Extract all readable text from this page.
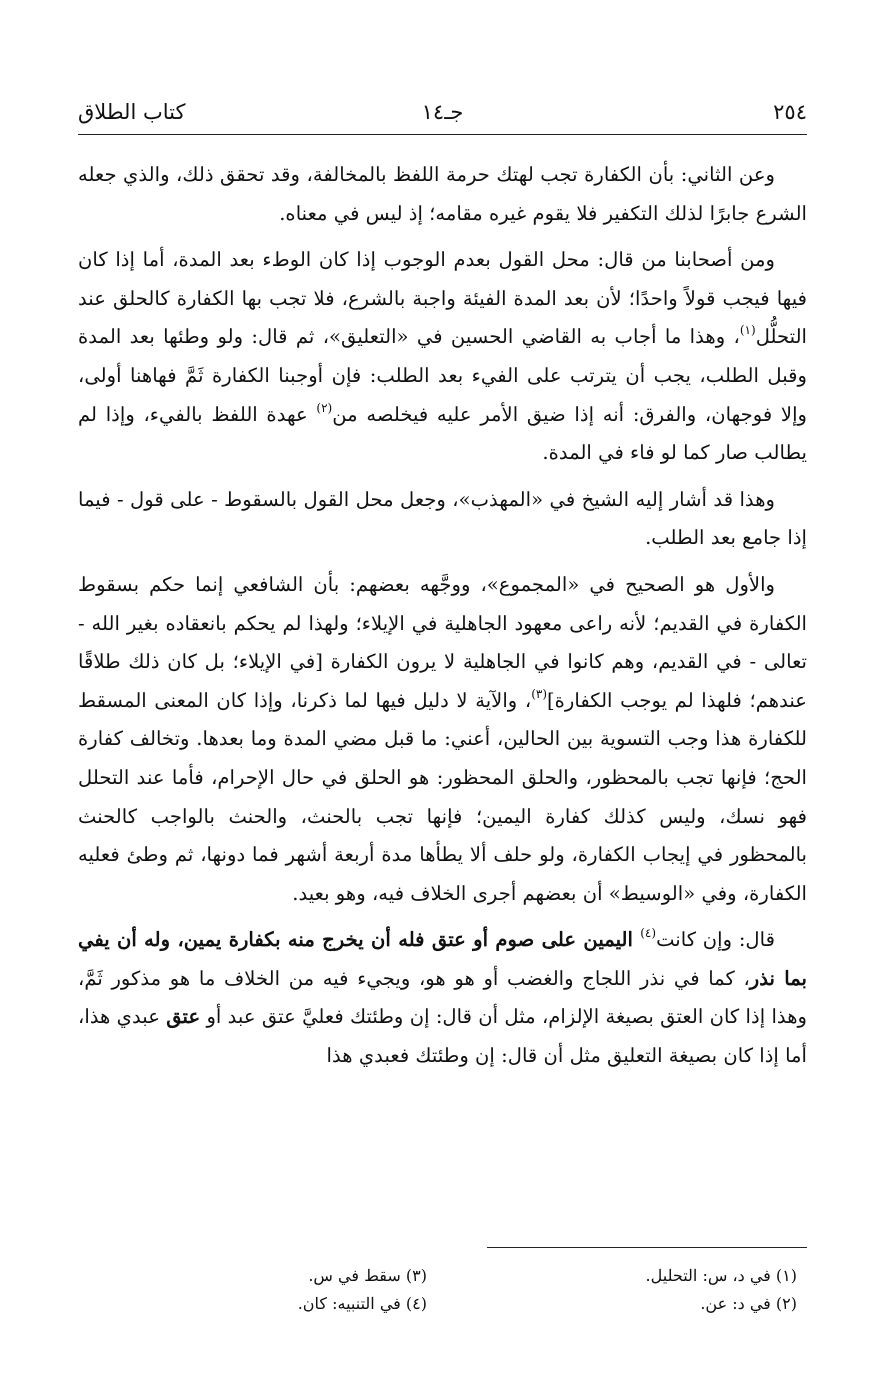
٢٥٤
جـ١٤
كتاب الطلاق

وعن الثاني: بأن الكفارة تجب لهتك حرمة اللفظ بالمخالفة، وقد تحقق ذلك، والذي جعله الشرع جابرًا لذلك التكفير فلا يقوم غيره مقامه؛ إذ ليس في معناه.

ومن أصحابنا من قال: محل القول بعدم الوجوب إذا كان الوطء بعد المدة، أما إذا كان فيها فيجب قولاً واحدًا؛ لأن بعد المدة الفيئة واجبة بالشرع، فلا تجب بها الكفارة كالحلق عند التحلُّل$^{(١)}$، وهذا ما أجاب به القاضي الحسين في «التعليق»، ثم قال: ولو وطئها بعد المدة وقبل الطلب، يجب أن يترتب على الفيء بعد الطلب: فإن أوجبنا الكفارة ثَمَّ فهاهنا أولى، وإلا فوجهان، والفرق: أنه إذا ضيق الأمر عليه فيخلصه من$^{(٢)}$ عهدة اللفظ بالفيء، وإذا لم يطالب صار كما لو فاء في المدة.

وهذا قد أشار إليه الشيخ في «المهذب»، وجعل محل القول بالسقوط - على قول - فيما إذا جامع بعد الطلب.

والأول هو الصحيح في «المجموع»، ووجَّهه بعضهم: بأن الشافعي إنما حكم بسقوط الكفارة في القديم؛ لأنه راعى معهود الجاهلية في الإيلاء؛ ولهذا لم يحكم بانعقاده بغير الله - تعالى - في القديم، وهم كانوا في الجاهلية لا يرون الكفارة [في الإيلاء؛ بل كان ذلك طلاقًا عندهم؛ فلهذا لم يوجب الكفارة]$^{(٣)}$، والآية لا دليل فيها لما ذكرنا، وإذا كان المعنى المسقط للكفارة هذا وجب التسوية بين الحالين، أعني: ما قبل مضي المدة وما بعدها. وتخالف كفارة الحج؛ فإنها تجب بالمحظور، والحلق المحظور: هو الحلق في حال الإحرام، فأما عند التحلل فهو نسك، وليس كذلك كفارة اليمين؛ فإنها تجب بالحنث، والحنث بالواجب كالحنث بالمحظور في إيجاب الكفارة، ولو حلف ألا يطأها مدة أربعة أشهر فما دونها، ثم وطئ فعليه الكفارة، وفي «الوسيط» أن بعضهم أجرى الخلاف فيه، وهو بعيد.

قال: وإن كانت$^{(٤)}$ اليمين على صوم أو عتق فله أن يخرج منه بكفارة يمين، وله أن يفي بما نذر، كما في نذر اللجاج والغضب أو هو هو، ويجيء فيه من الخلاف ما هو مذكور ثَمَّ، وهذا إذا كان العتق بصيغة الإلزام، مثل أن قال: إن وطئتك فعليَّ عتق عبد أو عتق عبدي هذا، أما إذا كان بصيغة التعليق مثل أن قال: إن وطئتك فعبدي هذا

(١) في د، س: التحليل.
(٢) في د: عن.
(٣) سقط في س.
(٤) في التنبيه: كان.
